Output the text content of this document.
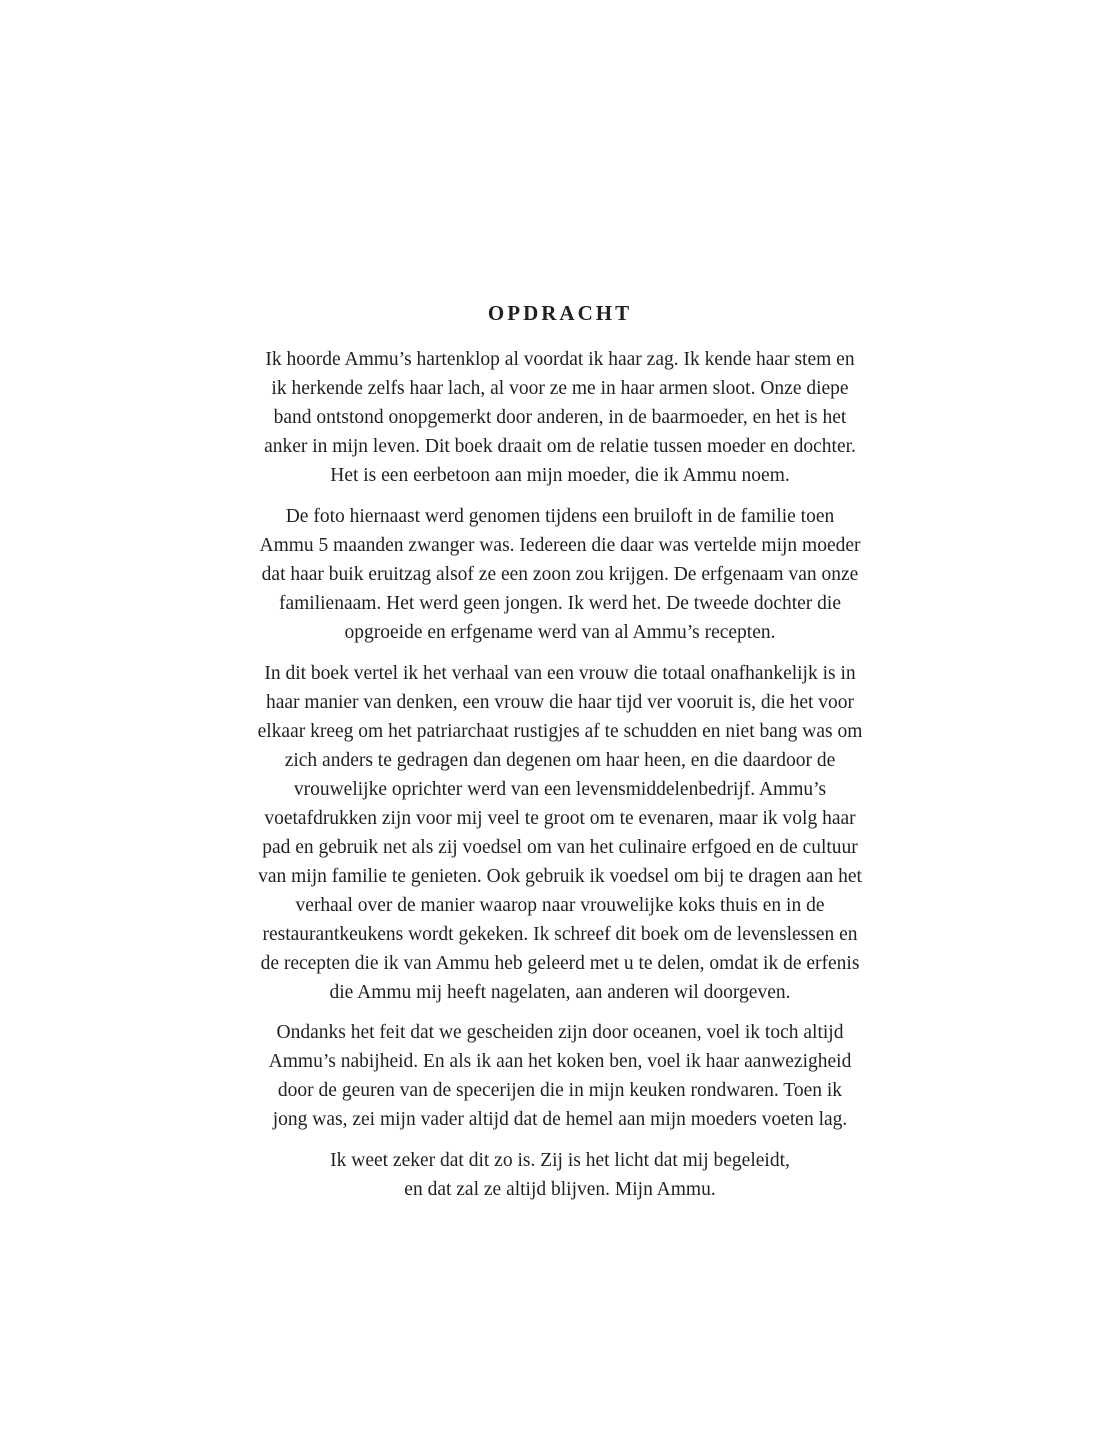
OPDRACHT

Ik hoorde Ammu’s hartenklop al voordat ik haar zag. Ik kende haar stem en

ik herkende zelfs haar lach, al voor ze me in haar armen sloot. Onze diepe

band ontstond onopgemerkt door anderen, in de baarmoeder, en het is het

anker in mijn leven. Dit boek draait om de relatie tussen moeder en dochter.

Het is een eerbetoon aan mijn moeder, die ik Ammu noem.

De foto hiernaast werd genomen tijdens een bruiloft in de familie toen

Ammu 5 maanden zwanger was. Iedereen die daar was vertelde mijn moeder

dat haar buik eruitzag alsof ze een zoon zou krijgen. De erfgenaam van onze

familienaam. Het werd geen jongen. Ik werd het. De tweede dochter die

opgroeide en erfgename werd van al Ammu’s recepten.

In dit boek vertel ik het verhaal van een vrouw die totaal onafhankelijk is in

haar manier van denken, een vrouw die haar tijd ver vooruit is, die het voor

elkaar kreeg om het patriarchaat rustigjes af te schudden en niet bang was om

zich anders te gedragen dan degenen om haar heen, en die daardoor de

vrouwelijke oprichter werd van een levensmiddelenbedrijf. Ammu’s

voetafdrukken zijn voor mij veel te groot om te evenaren, maar ik volg haar

pad en gebruik net als zij voedsel om van het culinaire erfgoed en de cultuur

van mijn familie te genieten. Ook gebruik ik voedsel om bij te dragen aan het

verhaal over de manier waarop naar vrouwelijke koks thuis en in de

restaurantkeukens wordt gekeken. Ik schreef dit boek om de levenslessen en

de recepten die ik van Ammu heb geleerd met u te delen, omdat ik de erfenis

die Ammu mij heeft nagelaten, aan anderen wil doorgeven.

Ondanks het feit dat we gescheiden zijn door oceanen, voel ik toch altijd

Ammu’s nabijheid. En als ik aan het koken ben, voel ik haar aanwezigheid

door de geuren van de specerijen die in mijn keuken rondwaren. Toen ik

jong was, zei mijn vader altijd dat de hemel aan mijn moeders voeten lag.

Ik weet zeker dat dit zo is. Zij is het licht dat mij begeleidt,

en dat zal ze altijd blijven. Mijn Ammu.
